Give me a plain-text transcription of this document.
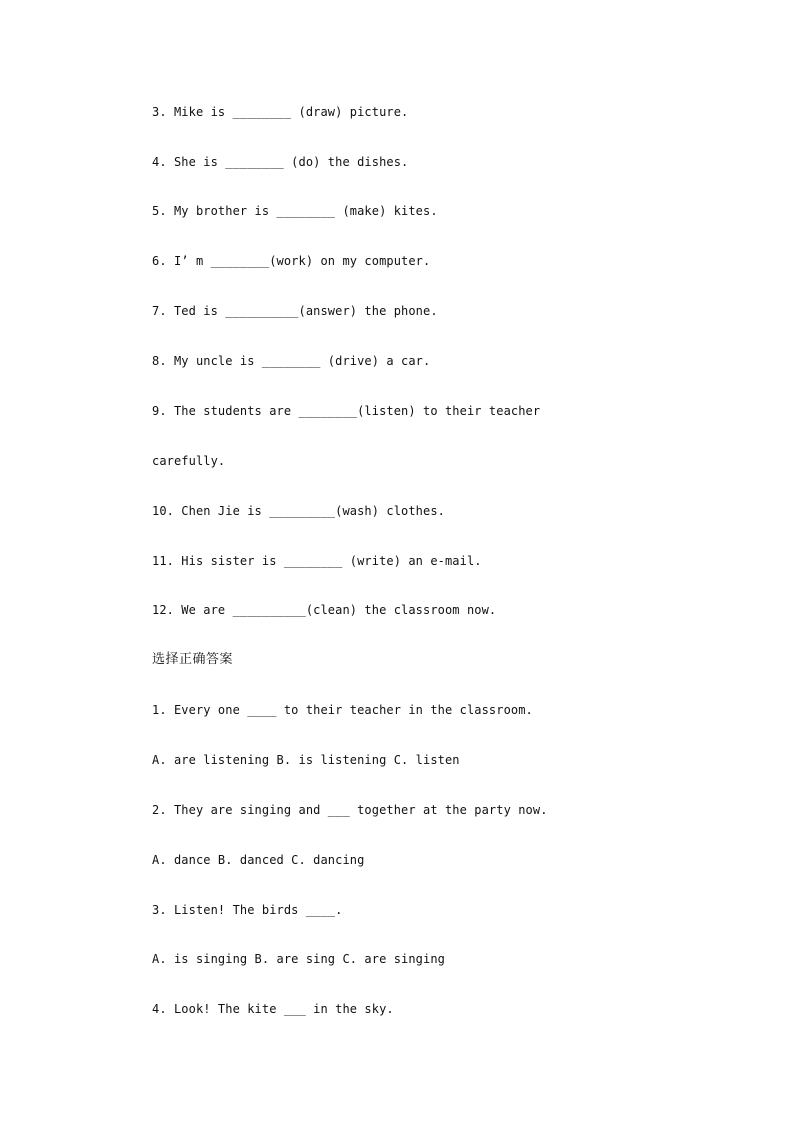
3. Mike is ________ (draw) picture.
4. She is ________ (do) the dishes.
5. My brother is ________ (make) kites.
6. I’ m ________(work) on my computer.
7. Ted is __________(answer) the phone.
8. My uncle is ________ (drive) a car.
9. The students are ________(listen) to their teacher
carefully.
10. Chen Jie is _________(wash) clothes.
11. His sister is ________ (write) an e-mail.
12. We are __________(clean) the classroom now.
选择正确答案
1. Every one ____ to their teacher in the classroom.
A. are listening B. is listening C. listen
2. They are singing and ___ together at the party now.
A. dance B. danced C. dancing
3. Listen! The birds ____.
A. is singing B. are sing C. are singing
4. Look! The kite ___ in the sky.
